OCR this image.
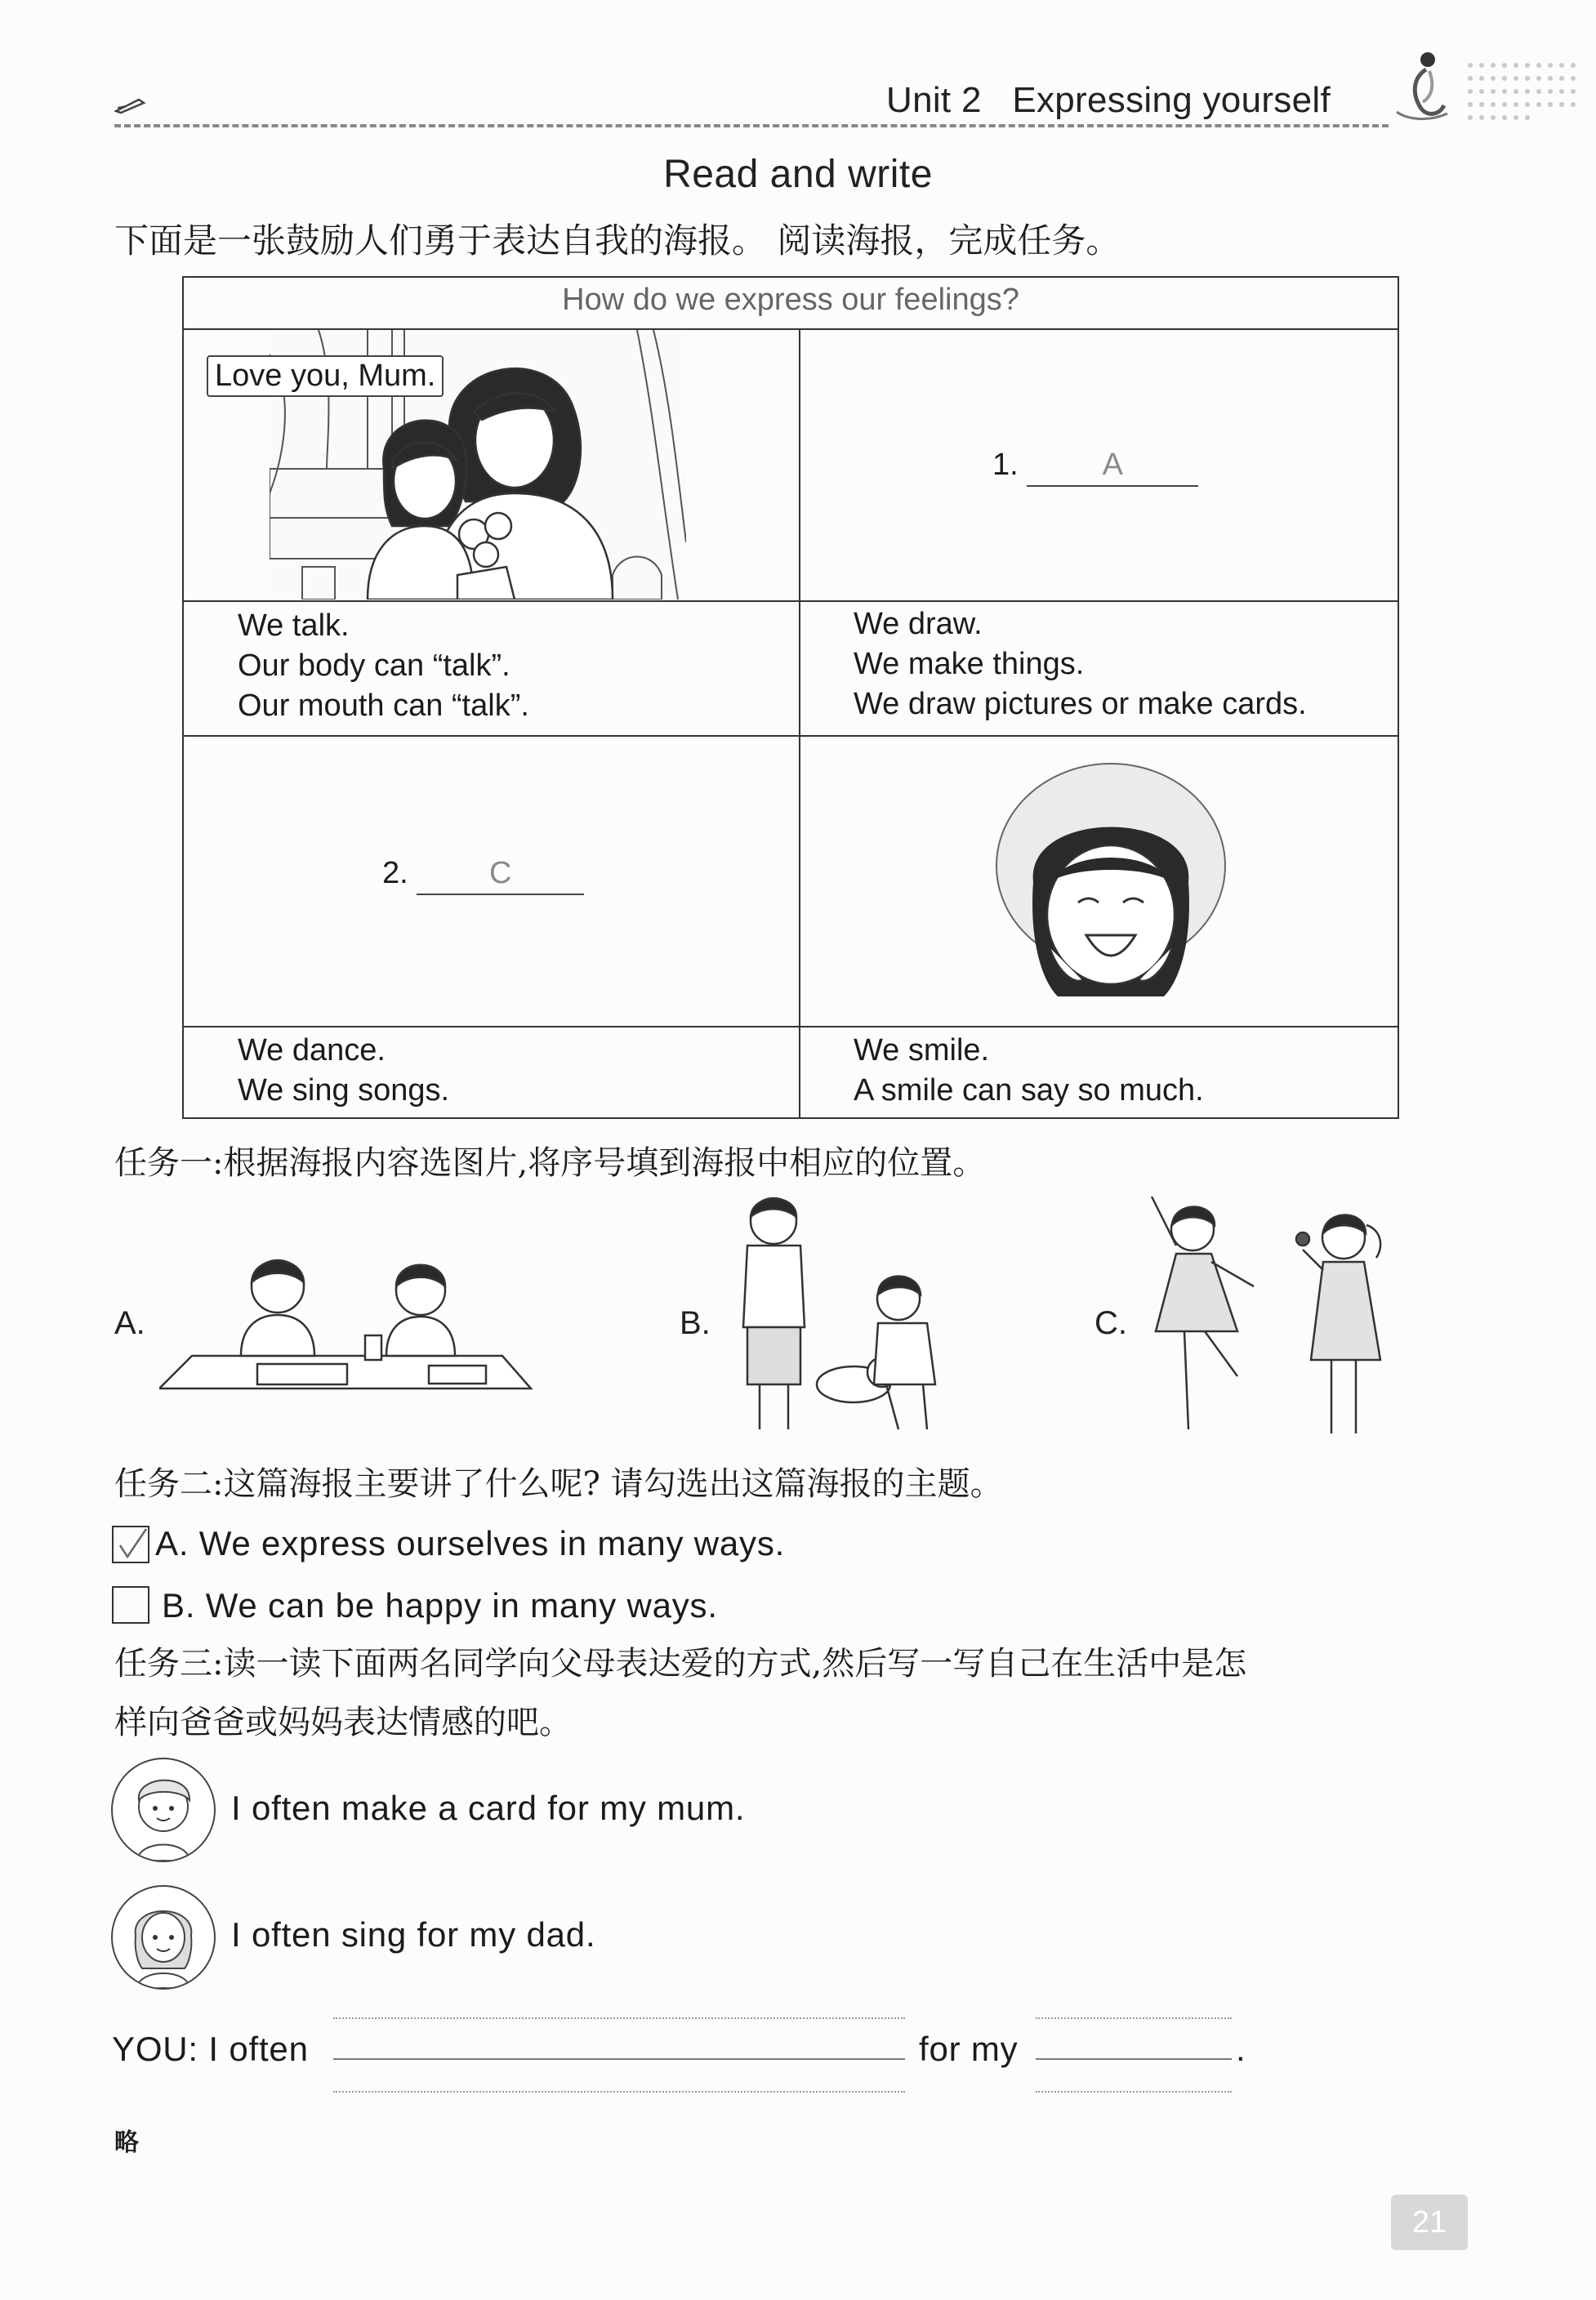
Unit 2 Expressing yourself
Read and write
下面是一张鼓励人们勇于表达自我的海报。 阅读海报，完成任务。
How do we express our feelings?
Love you, Mum.
1.	A
We talk.
Our body can “talk”.
Our mouth can “talk”.
We draw.
We make things.
We draw pictures or make cards.
2.	C
We dance.
We sing songs.
We smile.
A smile can say so much.
任务一:根据海报内容选图片,将序号填到海报中相应的位置。
A.	B.	C.
任务二:这篇海报主要讲了什么呢? 请勾选出这篇海报的主题。
A. We express ourselves in many ways.
B. We can be happy in many ways.
任务三:读一读下面两名同学向父母表达爱的方式,然后写一写自己在生活中是怎
样向爸爸或妈妈表达情感的吧。
I often make a card for my mum.
I often sing for my dad.
YOU: I often	for my	.
略
21
